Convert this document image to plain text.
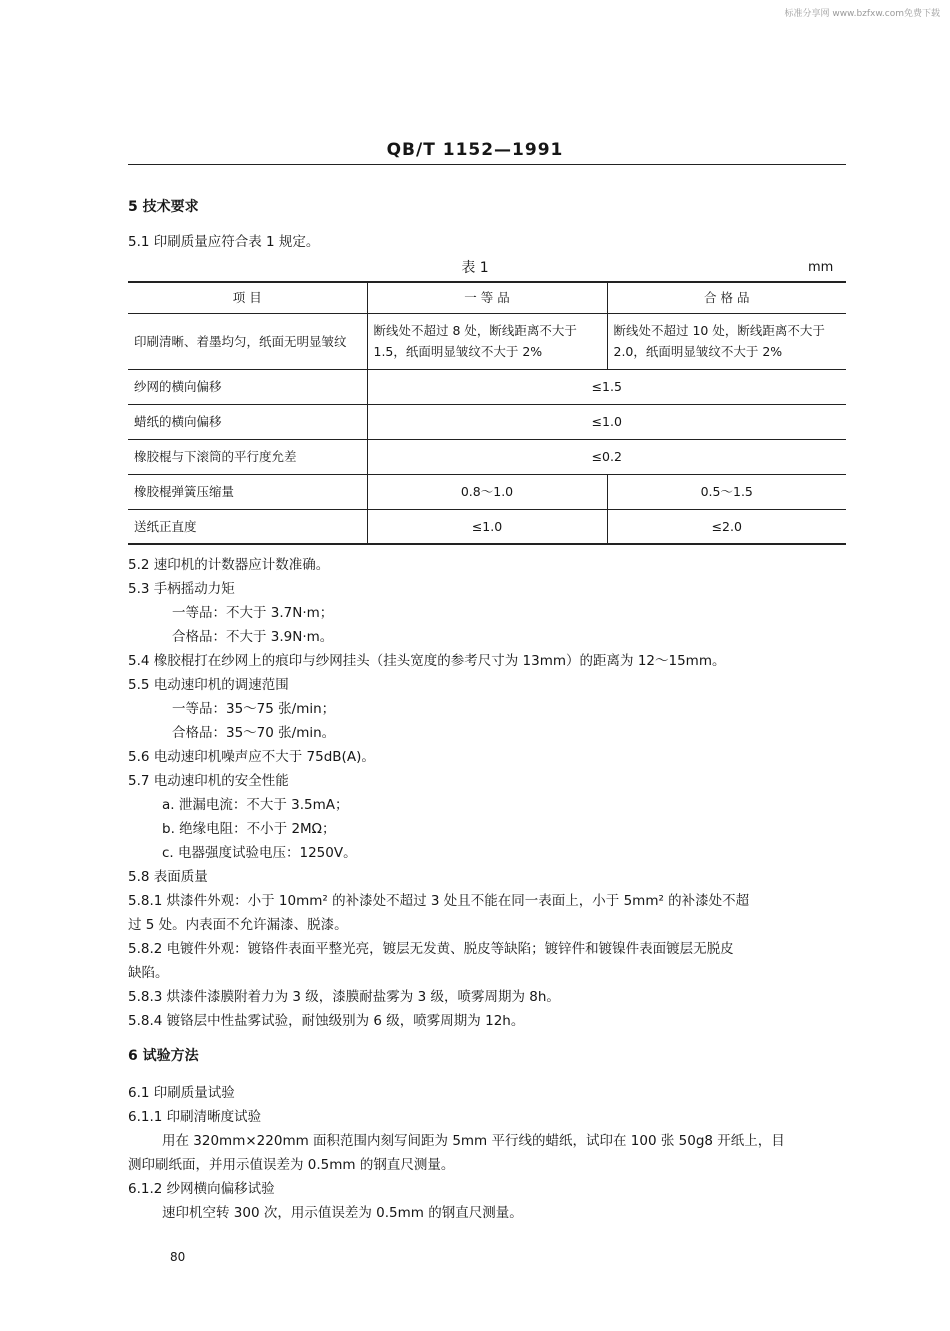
标准分享网 www.bzfxw.com免费下载
QB/T 1152—1991
5 技术要求
5.1 印刷质量应符合表 1 规定。
表 1	mm
项 目	一 等 品	合 格 品
印刷清晰、着墨均匀，纸面无明显皱纹	断线处不超过 8 处，断线距离不大于 1.5，纸面明显皱纹不大于 2%	断线处不超过 10 处，断线距离不大于 2.0，纸面明显皱纹不大于 2%
纱网的横向偏移	≤1.5	
蜡纸的横向偏移	≤1.0	
橡胶棍与下滚筒的平行度允差	≤0.2	
橡胶棍弹簧压缩量	0.8～1.0	0.5～1.5
送纸正直度	≤1.0	≤2.0
5.2 速印机的计数器应计数准确。
5.3 手柄摇动力矩
一等品：不大于 3.7N·m；
合格品：不大于 3.9N·m。
5.4 橡胶棍打在纱网上的痕印与纱网挂头（挂头宽度的参考尺寸为 13mm）的距离为 12～15mm。
5.5 电动速印机的调速范围
一等品：35～75 张/min；
合格品：35～70 张/min。
5.6 电动速印机噪声应不大于 75dB(A)。
5.7 电动速印机的安全性能
a. 泄漏电流：不大于 3.5mA；
b. 绝缘电阻：不小于 2MΩ；
c. 电器强度试验电压：1250V。
5.8 表面质量
5.8.1 烘漆件外观：小于 10mm² 的补漆处不超过 3 处且不能在同一表面上，小于 5mm² 的补漆处不超
过 5 处。内表面不允许漏漆、脱漆。
5.8.2 电镀件外观：镀铬件表面平整光亮，镀层无发黄、脱皮等缺陷；镀锌件和镀镍件表面镀层无脱皮
缺陷。
5.8.3 烘漆件漆膜附着力为 3 级，漆膜耐盐雾为 3 级，喷雾周期为 8h。
5.8.4 镀铬层中性盐雾试验，耐蚀级别为 6 级，喷雾周期为 12h。
6 试验方法
6.1 印刷质量试验
6.1.1 印刷清晰度试验
用在 320mm×220mm 面积范围内刻写间距为 5mm 平行线的蜡纸，试印在 100 张 50g8 开纸上，目
测印刷纸面，并用示值误差为 0.5mm 的钢直尺测量。
6.1.2 纱网横向偏移试验
速印机空转 300 次，用示值误差为 0.5mm 的钢直尺测量。
80
